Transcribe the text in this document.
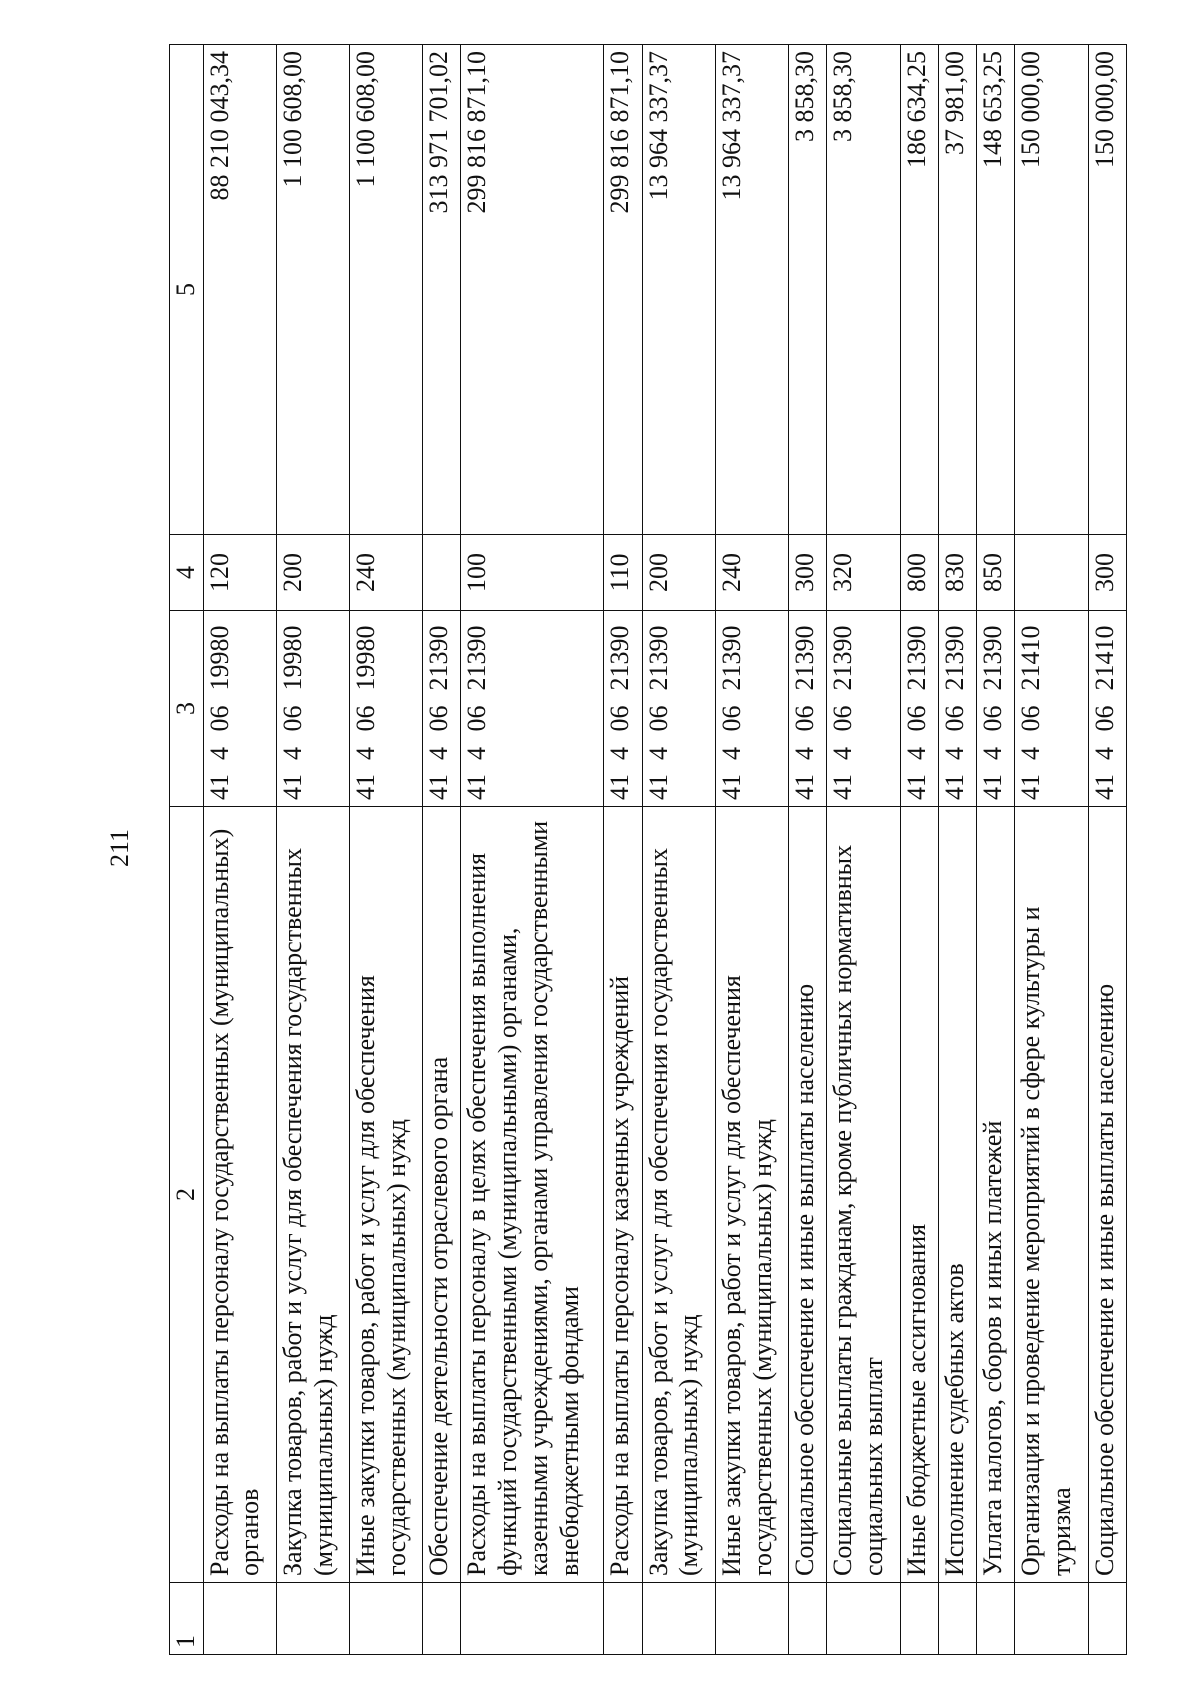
211
1	2	3				4	5
	Расходы на выплаты персоналу государственных (муниципальных) органов	41	4	06	19980	120	88 210 043,34
	Закупка товаров, работ и услуг для обеспечения государственных (муниципальных) нужд	41	4	06	19980	200	1 100 608,00
	Иные закупки товаров, работ и услуг для обеспечения государственных (муниципальных) нужд	41	4	06	19980	240	1 100 608,00
	Обеспечение деятельности отраслевого органа	41	4	06	21390		313 971 701,02
	Расходы на выплаты персоналу в целях обеспечения выполнения функций государственными (муниципальными) органами, казенными учреждениями, органами управления государственными внебюджетными фондами	41	4	06	21390	100	299 816 871,10
	Расходы на выплаты персоналу казенных учреждений	41	4	06	21390	110	299 816 871,10
	Закупка товаров, работ и услуг для обеспечения государственных (муниципальных) нужд	41	4	06	21390	200	13 964 337,37
	Иные закупки товаров, работ и услуг для обеспечения государственных (муниципальных) нужд	41	4	06	21390	240	13 964 337,37
	Социальное обеспечение и иные выплаты населению	41	4	06	21390	300	3 858,30
	Социальные выплаты гражданам, кроме публичных нормативных социальных выплат	41	4	06	21390	320	3 858,30
	Иные бюджетные ассигнования	41	4	06	21390	800	186 634,25
	Исполнение судебных актов	41	4	06	21390	830	37 981,00
	Уплата налогов, сборов и иных платежей	41	4	06	21390	850	148 653,25
	Организация и проведение мероприятий в сфере культуры и туризма	41	4	06	21410		150 000,00
	Социальное обеспечение и иные выплаты населению	41	4	06	21410	300	150 000,00
